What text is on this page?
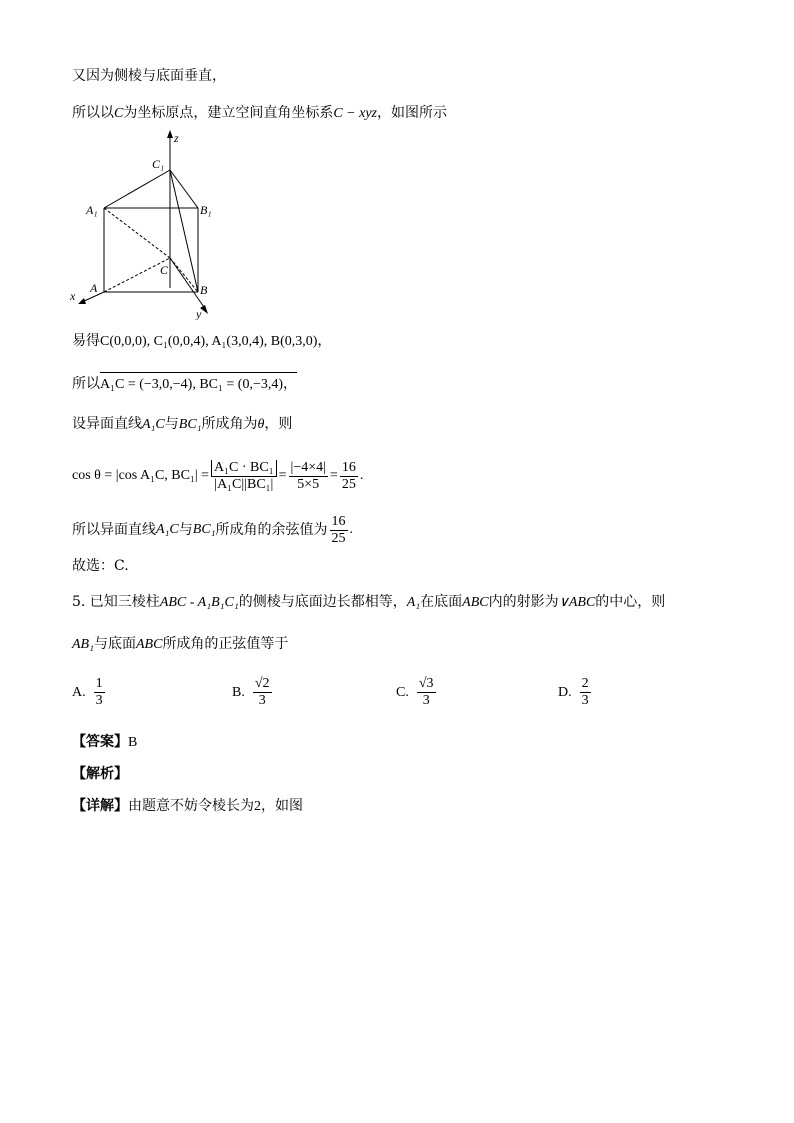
又因为侧棱与底面垂直，
所以以C为坐标原点，建立空间直角坐标系C − xyz，如图所示
z
C₁
A₁	B₁
C
A	B
x
y
易得C(0,0,0), C₁(0,0,4), A₁(3,0,4), B(0,3,0)，
所以A₁C = (−3,0,−4), BC₁ = (0,−3,4)，
设异面直线A₁C与BC₁所成角为θ，则
cos θ = |cos A₁C, $BC_1| = \frac{\text{A₁C · BC₁}}{\text{|A₁C||BC₁|}} = \frac{|-4\times 4|}{5\times 5} = \frac{16}{25}$ .
所以异面直线 A₁C 与 BC₁ 所成角的余弦值为 $\frac{16}{25}$ .
故选：C.
5. 已知三棱柱ABC - A₁B₁C₁的侧棱与底面边长都相等，A₁在底面ABC内的射影为∨ABC的中心，则
AB₁与底面ABC所成角的正弦值等于
A. $\frac{1}{3}$	B. $\frac{√2}{3}$	C. $\frac{√3}{3}$	D. $\frac{2}{3}$
【答案】B
【解析】
【详解】由题意不妨令棱长为2，如图
